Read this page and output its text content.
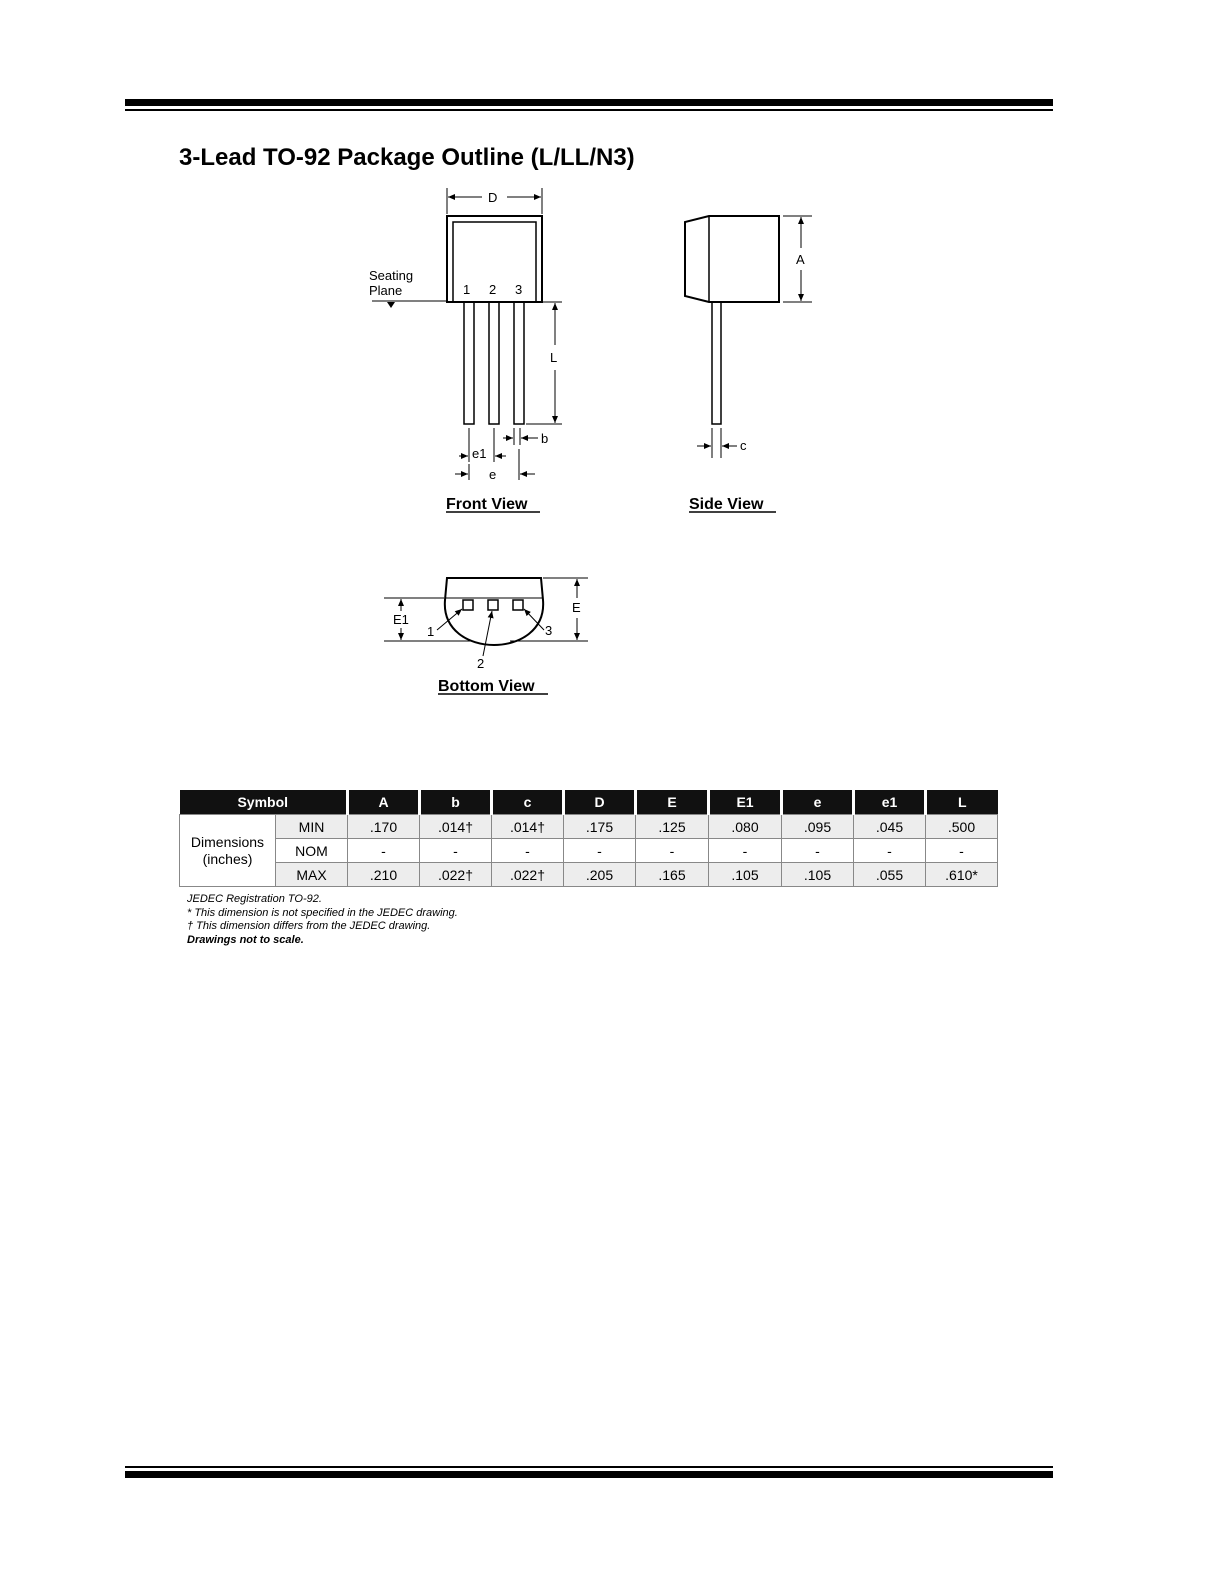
3-Lead TO-92 Package Outline (L/LL/N3)
1 2 3
D
Seating
Plane
L
b
e1
e
Front View
A
c
Side View
1
2
3
E
E1
Bottom View
Symbol		A	b	c	D	E	E1	e	e1	L

Dimensions
(inches)	MIN	.170	.014†	.014†	.175	.125	.080	.095	.045	.500
	NOM	-	-	-	-	-	-	-	-	-
	MAX	.210	.022†	.022†	.205	.165	.105	.105	.055	.610*
JEDEC Registration TO-92.
* This dimension is not specified in the JEDEC drawing.
† This dimension differs from the JEDEC drawing.
Drawings not to scale.
